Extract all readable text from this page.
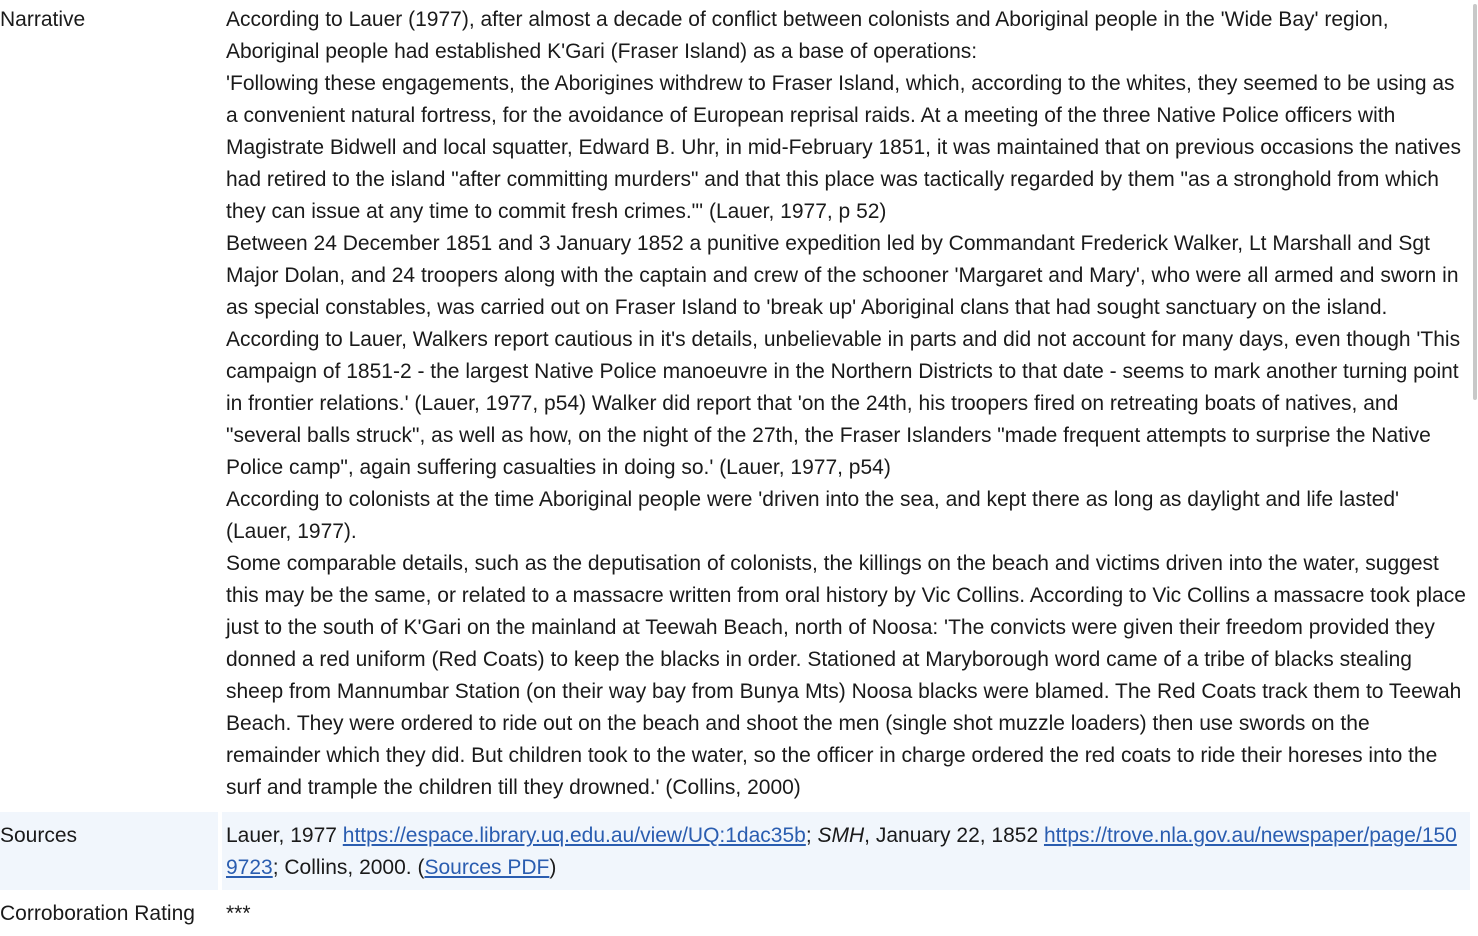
Narrative	According to Lauer (1977), after almost a decade of conflict between colonists and Aboriginal people in the 'Wide Bay' region, Aboriginal people had established K'Gari (Fraser Island) as a base of operations:

'Following these engagements, the Aborigines withdrew to Fraser Island, which, according to the whites, they seemed to be using as a convenient natural fortress, for the avoidance of European reprisal raids. At a meeting of the three Native Police officers with Magistrate Bidwell and local squatter, Edward B. Uhr, in mid-February 1851, it was maintained that on previous occasions the natives had retired to the island "after committing murders" and that this place was tactically regarded by them "as a stronghold from which they can issue at any time to commit fresh crimes."' (Lauer, 1977, p 52)

Between 24 December 1851 and 3 January 1852 a punitive expedition led by Commandant Frederick Walker, Lt Marshall and Sgt Major Dolan, and 24 troopers along with the captain and crew of the schooner 'Margaret and Mary', who were all armed and sworn in as special constables, was carried out on Fraser Island to 'break up' Aboriginal clans that had sought sanctuary on the island. According to Lauer, Walkers report cautious in it's details, unbelievable in parts and did not account for many days, even though 'This campaign of 1851-2 - the largest Native Police manoeuvre in the Northern Districts to that date - seems to mark another turning point in frontier relations.' (Lauer, 1977, p54) Walker did report that 'on the 24th, his troopers fired on retreating boats of natives, and "several balls struck", as well as how, on the night of the 27th, the Fraser Islanders "made frequent attempts to surprise the Native Police camp", again suffering casualties in doing so.' (Lauer, 1977, p54)

According to colonists at the time Aboriginal people were 'driven into the sea, and kept there as long as daylight and life lasted' (Lauer, 1977).

Some comparable details, such as the deputisation of colonists, the killings on the beach and victims driven into the water, suggest this may be the same, or related to a massacre written from oral history by Vic Collins. According to Vic Collins a massacre took place just to the south of K'Gari on the mainland at Teewah Beach, north of Noosa: 'The convicts were given their freedom provided they donned a red uniform (Red Coats) to keep the blacks in order. Stationed at Maryborough word came of a tribe of blacks stealing sheep from Mannumbar Station (on their way bay from Bunya Mts) Noosa blacks were blamed. The Red Coats track them to Teewah Beach. They were ordered to ride out on the beach and shoot the men (single shot muzzle loaders) then use swords on the remainder which they did. But children took to the water, so the officer in charge ordered the red coats to ride their horeses into the surf and trample the children till they drowned.' (Collins, 2000)

Sources	Lauer, 1977 https://espace.library.uq.edu.au/view/UQ:1dac35b; SMH, January 22, 1852 https://trove.nla.gov.au/newspaper/page/1509723; Collins, 2000. (Sources PDF)
Corroboration Rating	***
